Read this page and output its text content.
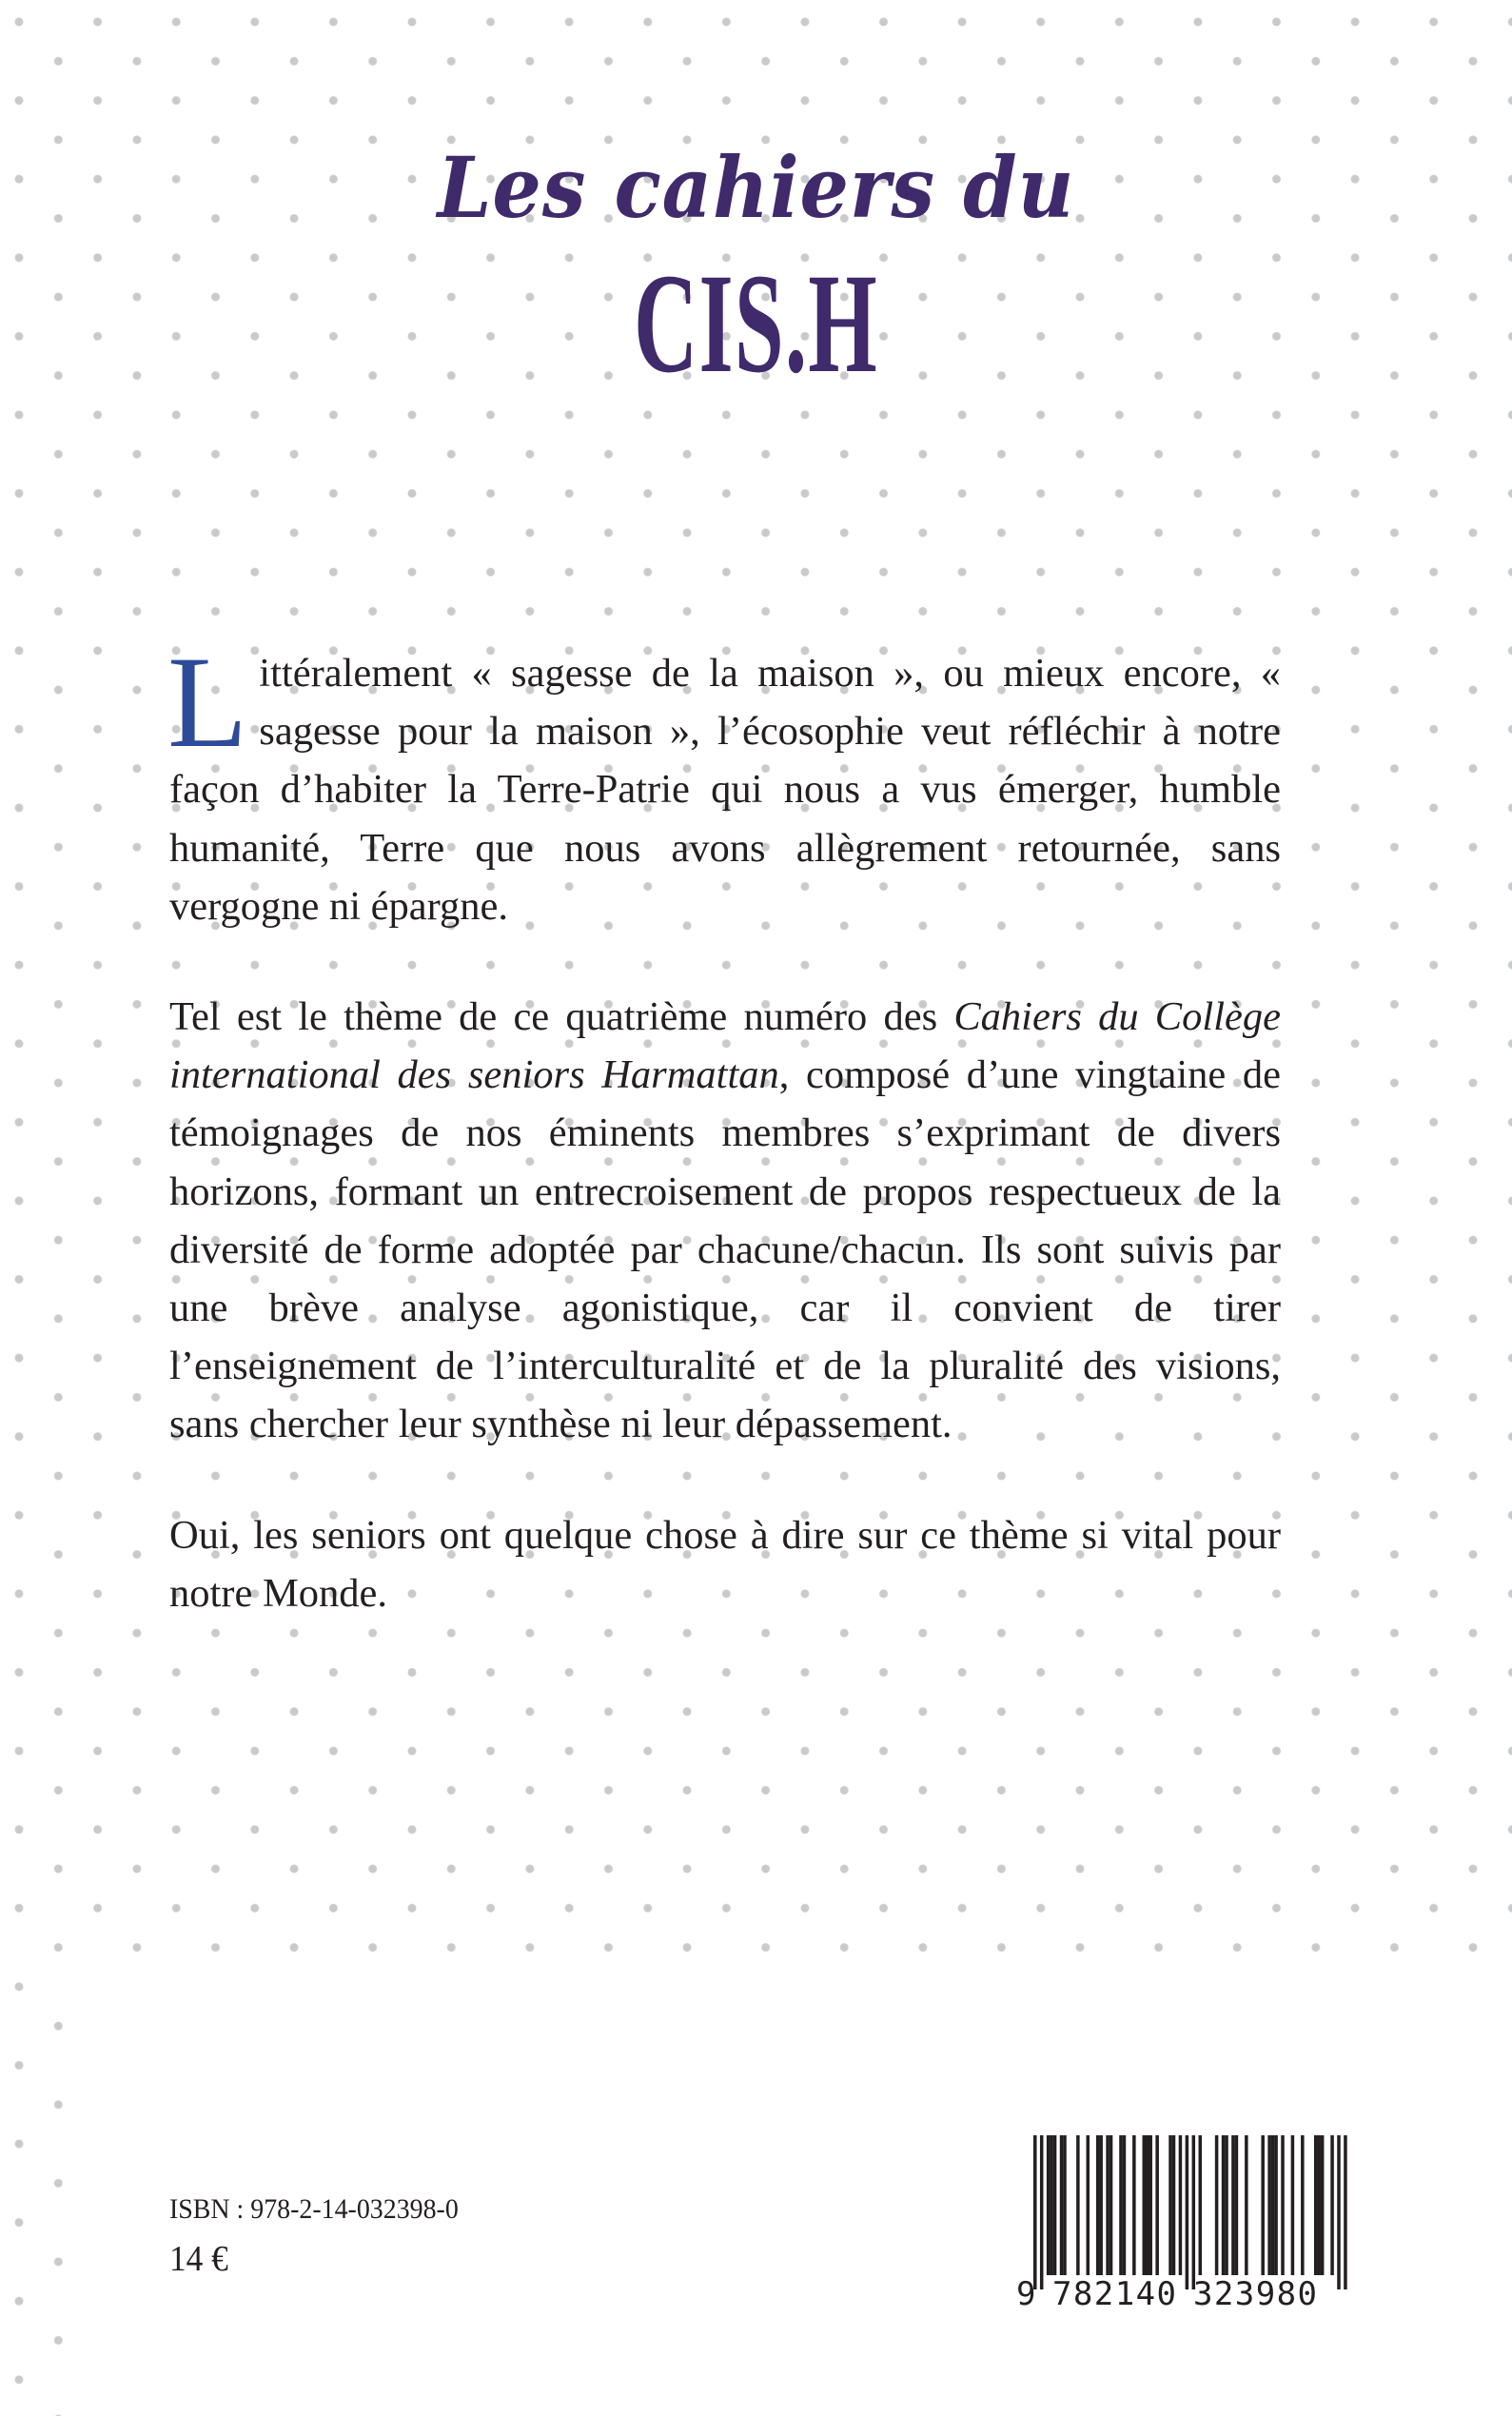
Les cahiers du
CIS.H

Littéralement « sagesse de la maison », ou mieux encore, « sagesse pour la maison », l’écosophie veut réfléchir à notre façon d’habiter la Terre-Patrie qui nous a vus émerger, humble humanité, Terre que nous avons allègrement retournée, sans vergogne ni épargne.

Tel est le thème de ce quatrième numéro des Cahiers du Collège international des seniors Harmattan, composé d’une vingtaine de témoignages de nos éminents membres s’exprimant de divers horizons, formant un entrecroisement de propos respectueux de la diversité de forme adoptée par chacune/chacun. Ils sont suivis par une brève analyse agonistique, car il convient de tirer l’enseignement de l’interculturalité et de la pluralité des visions, sans chercher leur synthèse ni leur dépassement.

Oui, les seniors ont quelque chose à dire sur ce thème si vital pour notre Monde.

ISBN : 978-2-14-032398-0
14 €
9 782140 323980
